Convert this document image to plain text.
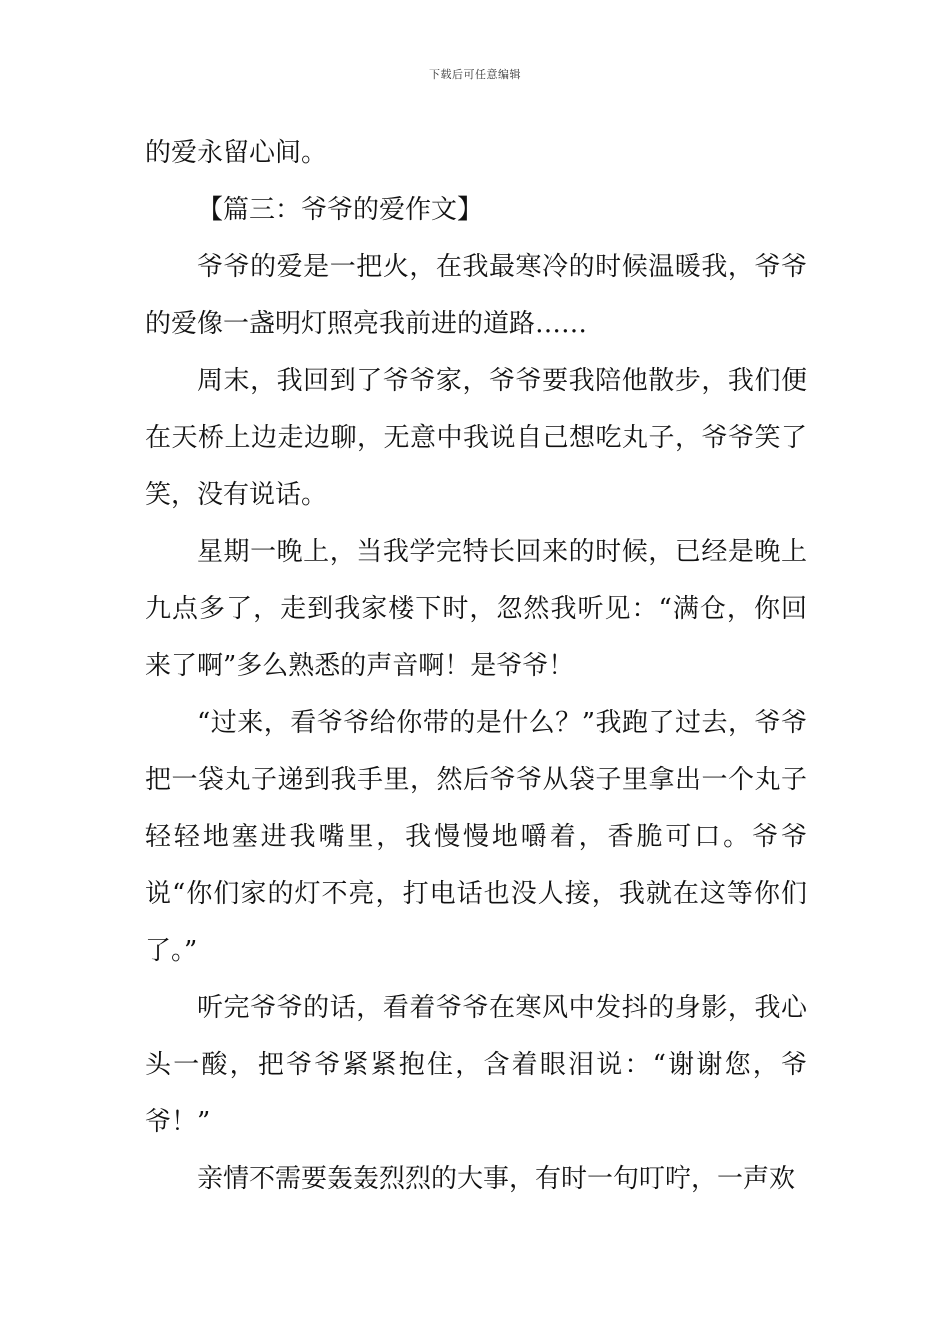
下载后可任意编辑

的爱永留心间。

【篇三：爷爷的爱作文】

爷爷的爱是一把火，在我最寒冷的时候温暖我，爷爷的爱像一盏明灯照亮我前进的道路……

周末，我回到了爷爷家，爷爷要我陪他散步，我们便在天桥上边走边聊，无意中我说自己想吃丸子，爷爷笑了笑，没有说话。

星期一晚上，当我学完特长回来的时候，已经是晚上九点多了，走到我家楼下时，忽然我听见：“满仓，你回来了啊”多么熟悉的声音啊！是爷爷！

“过来，看爷爷给你带的是什么？”我跑了过去，爷爷把一袋丸子递到我手里，然后爷爷从袋子里拿出一个丸子轻轻地塞进我嘴里，我慢慢地嚼着，香脆可口。爷爷说“你们家的灯不亮，打电话也没人接，我就在这等你们了。”

听完爷爷的话，看着爷爷在寒风中发抖的身影，我心头一酸，把爷爷紧紧抱住，含着眼泪说：“谢谢您，爷爷！”

亲情不需要轰轰烈烈的大事，有时一句叮咛，一声欢
